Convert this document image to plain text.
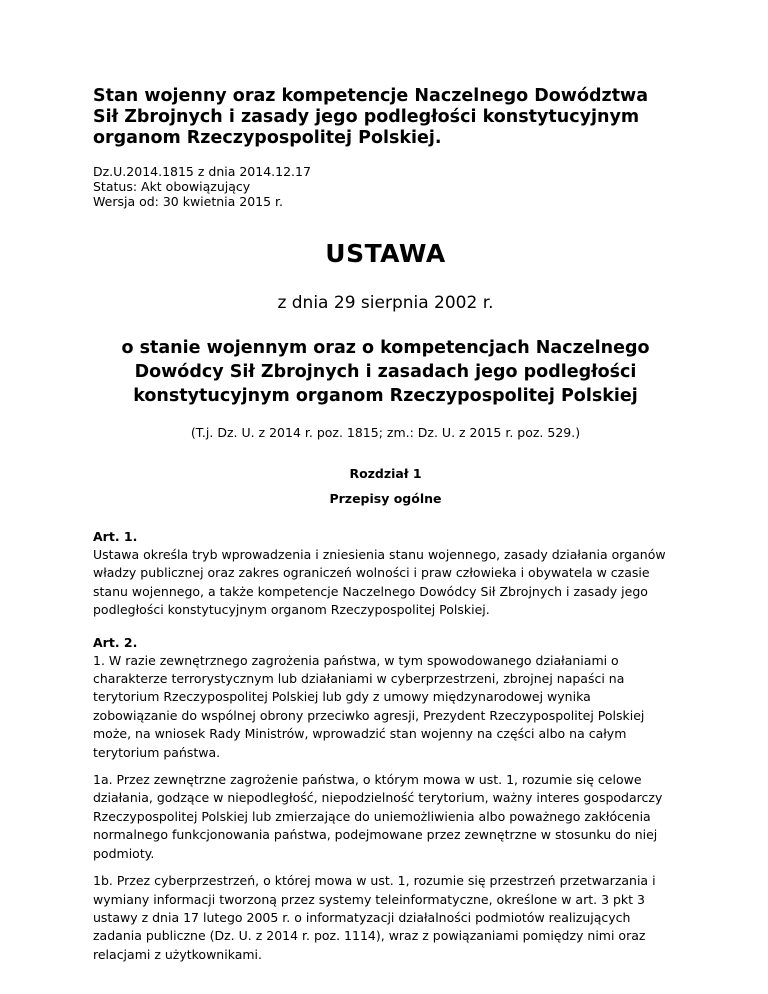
Stan wojenny oraz kompetencje Naczelnego Dowództwa Sił Zbrojnych i zasady jego podległości konstytucyjnym organom Rzeczypospolitej Polskiej.
Dz.U.2014.1815 z dnia 2014.12.17
Status: Akt obowiązujący
Wersja od: 30 kwietnia 2015 r.
USTAWA
z dnia 29 sierpnia 2002 r.
o stanie wojennym oraz o kompetencjach Naczelnego Dowódcy Sił Zbrojnych i zasadach jego podległości konstytucyjnym organom Rzeczypospolitej Polskiej
(T.j. Dz. U. z 2014 r. poz. 1815; zm.: Dz. U. z 2015 r. poz. 529.)
Rozdział 1
Przepisy ogólne
Art. 1.

Ustawa określa tryb wprowadzenia i zniesienia stanu wojennego, zasady działania organów władzy publicznej oraz zakres ograniczeń wolności i praw człowieka i obywatela w czasie stanu wojennego, a także kompetencje Naczelnego Dowódcy Sił Zbrojnych i zasady jego podległości konstytucyjnym organom Rzeczypospolitej Polskiej.

Art. 2.

1. W razie zewnętrznego zagrożenia państwa, w tym spowodowanego działaniami o charakterze terrorystycznym lub działaniami w cyberprzestrzeni, zbrojnej napaści na terytorium Rzeczypospolitej Polskiej lub gdy z umowy międzynarodowej wynika zobowiązanie do wspólnej obrony przeciwko agresji, Prezydent Rzeczypospolitej Polskiej może, na wniosek Rady Ministrów, wprowadzić stan wojenny na części albo na całym terytorium państwa.

1a. Przez zewnętrzne zagrożenie państwa, o którym mowa w ust. 1, rozumie się celowe działania, godzące w niepodległość, niepodzielność terytorium, ważny interes gospodarczy Rzeczypospolitej Polskiej lub zmierzające do uniemożliwienia albo poważnego zakłócenia normalnego funkcjonowania państwa, podejmowane przez zewnętrzne w stosunku do niej podmioty.

1b. Przez cyberprzestrzeń, o której mowa w ust. 1, rozumie się przestrzeń przetwarzania i wymiany informacji tworzoną przez systemy teleinformatyczne, określone w art. 3 pkt 3 ustawy z dnia 17 lutego 2005 r. o informatyzacji działalności podmiotów realizujących zadania publiczne (Dz. U. z 2014 r. poz. 1114), wraz z powiązaniami pomiędzy nimi oraz relacjami z użytkownikami.
